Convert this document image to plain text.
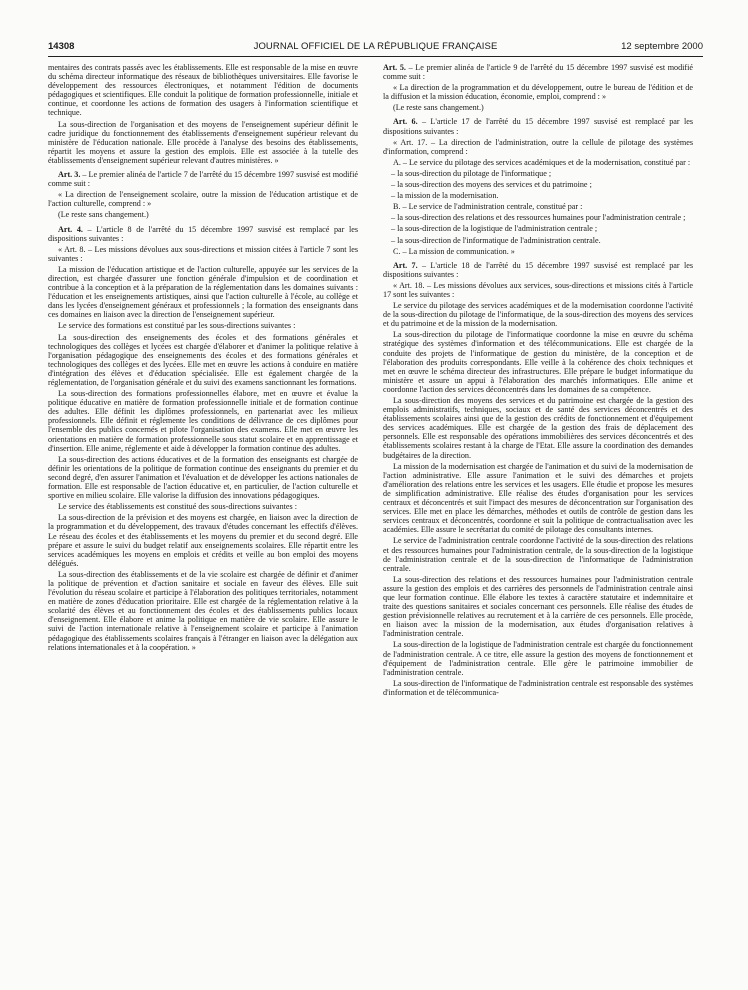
14308	JOURNAL OFFICIEL DE LA RÉPUBLIQUE FRANÇAISE	12 septembre 2000

mentaires des contrats passés avec les établissements. Elle est responsable de la mise en œuvre du schéma directeur informatique des réseaux de bibliothèques universitaires. Elle favorise le développement des ressources électroniques, et notamment l'édition de documents pédagogiques et scientifiques. Elle conduit la politique de formation professionnelle, initiale et continue, et coordonne les actions de formation des usagers à l'information scientifique et technique.

La sous-direction de l'organisation et des moyens de l'enseignement supérieur définit le cadre juridique du fonctionnement des établissements d'enseignement supérieur relevant du ministère de l'éducation nationale. Elle procède à l'analyse des besoins des établissements, répartit les moyens et assure la gestion des emplois. Elle est associée à la tutelle des établissements d'enseignement supérieur relevant d'autres ministères. »

Art. 3. – Le premier alinéa de l'article 7 de l'arrêté du 15 décembre 1997 susvisé est modifié comme suit :

« La direction de l'enseignement scolaire, outre la mission de l'éducation artistique et de l'action culturelle, comprend : »

(Le reste sans changement.)

Art. 4. – L'article 8 de l'arrêté du 15 décembre 1997 susvisé est remplacé par les dispositions suivantes :

« Art. 8. – Les missions dévolues aux sous-directions et mission citées à l'article 7 sont les suivantes :

La mission de l'éducation artistique et de l'action culturelle, appuyée sur les services de la direction, est chargée d'assurer une fonction générale d'impulsion et de coordination et contribue à la conception et à la préparation de la réglementation dans les domaines suivants : l'éducation et les enseignements artistiques, ainsi que l'action culturelle à l'école, au collège et dans les lycées d'enseignement généraux et professionnels ; la formation des enseignants dans ces domaines en liaison avec la direction de l'enseignement supérieur.

Le service des formations est constitué par les sous-directions suivantes :

La sous-direction des enseignements des écoles et des formations générales et technologiques des collèges et lycées est chargée d'élaborer et d'animer la politique relative à l'organisation pédagogique des enseignements des écoles et des formations générales et technologiques des collèges et des lycées. Elle met en œuvre les actions à conduire en matière d'intégration des élèves et d'éducation spécialisée. Elle est également chargée de la réglementation, de l'organisation générale et du suivi des examens sanctionnant les formations.

La sous-direction des formations professionnelles élabore, met en œuvre et évalue la politique éducative en matière de formation professionnelle initiale et de formation continue des adultes. Elle définit les diplômes professionnels, en partenariat avec les milieux professionnels. Elle définit et réglemente les conditions de délivrance de ces diplômes pour l'ensemble des publics concernés et pilote l'organisation des examens. Elle met en œuvre les orientations en matière de formation professionnelle sous statut scolaire et en apprentissage et d'insertion. Elle anime, réglemente et aide à développer la formation continue des adultes.

La sous-direction des actions éducatives et de la formation des enseignants est chargée de définir les orientations de la politique de formation continue des enseignants du premier et du second degré, d'en assurer l'animation et l'évaluation et de développer les actions nationales de formation. Elle est responsable de l'action éducative et, en particulier, de l'action culturelle et sportive en milieu scolaire. Elle valorise la diffusion des innovations pédagogiques.

Le service des établissements est constitué des sous-directions suivantes :

La sous-direction de la prévision et des moyens est chargée, en liaison avec la direction de la programmation et du développement, des travaux d'études concernant les effectifs d'élèves. Le réseau des écoles et des établissements et les moyens du premier et du second degré. Elle prépare et assure le suivi du budget relatif aux enseignements scolaires. Elle répartit entre les services académiques les moyens en emplois et crédits et veille au bon emploi des moyens délégués.

La sous-direction des établissements et de la vie scolaire est chargée de définir et d'animer la politique de prévention et d'action sanitaire et sociale en faveur des élèves. Elle suit l'évolution du réseau scolaire et participe à l'élaboration des politiques territoriales, notamment en matière de zones d'éducation prioritaire. Elle est chargée de la réglementation relative à la scolarité des élèves et au fonctionnement des écoles et des établissements publics locaux d'enseignement. Elle élabore et anime la politique en matière de vie scolaire. Elle assure le suivi de l'action internationale relative à l'enseignement scolaire et participe à l'animation pédagogique des établissements scolaires français à l'étranger en liaison avec la délégation aux relations internationales et à la coopération. »

Art. 5. – Le premier alinéa de l'article 9 de l'arrêté du 15 décembre 1997 susvisé est modifié comme suit :

« La direction de la programmation et du développement, outre le bureau de l'édition et de la diffusion et la mission éducation, économie, emploi, comprend : »

(Le reste sans changement.)

Art. 6. – L'article 17 de l'arrêté du 15 décembre 1997 susvisé est remplacé par les dispositions suivantes :

« Art. 17. – La direction de l'administration, outre la cellule de pilotage des systèmes d'information, comprend :

A. – Le service du pilotage des services académiques et de la modernisation, constitué par :

– la sous-direction du pilotage de l'informatique ;

– la sous-direction des moyens des services et du patrimoine ;

– la mission de la modernisation.

B. – Le service de l'administration centrale, constitué par :

– la sous-direction des relations et des ressources humaines pour l'administration centrale ;

– la sous-direction de la logistique de l'administration centrale ;

– la sous-direction de l'informatique de l'administration centrale.

C. – La mission de communication. »

Art. 7. – L'article 18 de l'arrêté du 15 décembre 1997 susvisé est remplacé par les dispositions suivantes :

« Art. 18. – Les missions dévolues aux services, sous-directions et missions cités à l'article 17 sont les suivantes :

Le service du pilotage des services académiques et de la modernisation coordonne l'activité de la sous-direction du pilotage de l'informatique, de la sous-direction des moyens des services et du patrimoine et de la mission de la modernisation.

La sous-direction du pilotage de l'informatique coordonne la mise en œuvre du schéma stratégique des systèmes d'information et des télécommunications. Elle est chargée de la conduite des projets de l'informatique de gestion du ministère, de la conception et de l'élaboration des produits correspondants. Elle veille à la cohérence des choix techniques et met en œuvre le schéma directeur des infrastructures. Elle prépare le budget informatique du ministère et assure un appui à l'élaboration des marchés informatiques. Elle anime et coordonne l'action des services déconcentrés dans les domaines de sa compétence.

La sous-direction des moyens des services et du patrimoine est chargée de la gestion des emplois administratifs, techniques, sociaux et de santé des services déconcentrés et des établissements scolaires ainsi que de la gestion des crédits de fonctionnement et d'équipement des services académiques. Elle est chargée de la gestion des frais de déplacement des personnels. Elle est responsable des opérations immobilières des services déconcentrés et des établissements scolaires restant à la charge de l'Etat. Elle assure la coordination des demandes budgétaires de la direction.

La mission de la modernisation est chargée de l'animation et du suivi de la modernisation de l'action administrative. Elle assure l'animation et le suivi des démarches et projets d'amélioration des relations entre les services et les usagers. Elle étudie et propose les mesures de simplification administrative. Elle réalise des études d'organisation pour les services centraux et déconcentrés et suit l'impact des mesures de déconcentration sur l'organisation des services. Elle met en place les démarches, méthodes et outils de contrôle de gestion dans les services centraux et déconcentrés, coordonne et suit la politique de contractualisation avec les académies. Elle assure le secrétariat du comité de pilotage des consultants internes.

Le service de l'administration centrale coordonne l'activité de la sous-direction des relations et des ressources humaines pour l'administration centrale, de la sous-direction de la logistique de l'administration centrale et de la sous-direction de l'informatique de l'administration centrale.

La sous-direction des relations et des ressources humaines pour l'administration centrale assure la gestion des emplois et des carrières des personnels de l'administration centrale ainsi que leur formation continue. Elle élabore les textes à caractère statutaire et indemnitaire et traite des questions sanitaires et sociales concernant ces personnels. Elle réalise des études de gestion prévisionnelle relatives au recrutement et à la carrière de ces personnels. Elle procède, en liaison avec la mission de la modernisation, aux études d'organisation relatives à l'administration centrale.

La sous-direction de la logistique de l'administration centrale est chargée du fonctionnement de l'administration centrale. A ce titre, elle assure la gestion des moyens de fonctionnement et d'équipement de l'administration centrale. Elle gère le patrimoine immobilier de l'administration centrale.

La sous-direction de l'informatique de l'administration centrale est responsable des systèmes d'information et de télécommunica-
